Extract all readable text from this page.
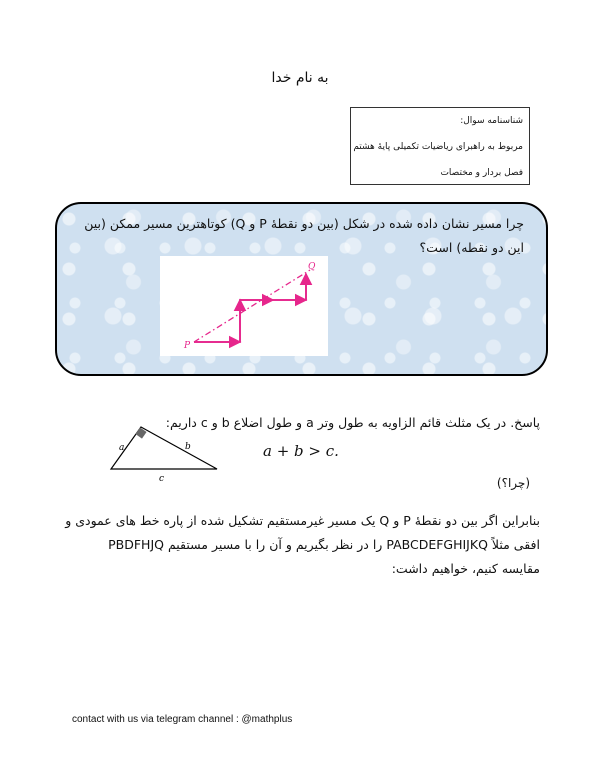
به نام خدا
شناسنامه سوال:
مربوط به راهبرای ریاضیات تکمیلی پایهٔ هشتم
فصل بردار و مختصات
چرا مسیر نشان داده شده در شکل (بین دو نقطهٔ P و Q) کوتاهترین مسیر ممکن (بین این دو نقطه) است؟
P
Q
پاسخ. در یک مثلث قائم الزاویه به طول وتر a و طول اضلاع b و c داریم:
a	b
c
a + b > c.
(چرا؟)
بنابراین اگر بین دو نقطهٔ P و Q یک مسیر غیرمستقیم تشکیل شده از پاره خط های عمودی و
افقی مثلاً PABCDEFGHIJKQ را در نظر بگیریم و آن را با مسیر مستقیم PBDFHJQ
مقایسه کنیم، خواهیم داشت:
contact with us via telegram channel : @mathplus
